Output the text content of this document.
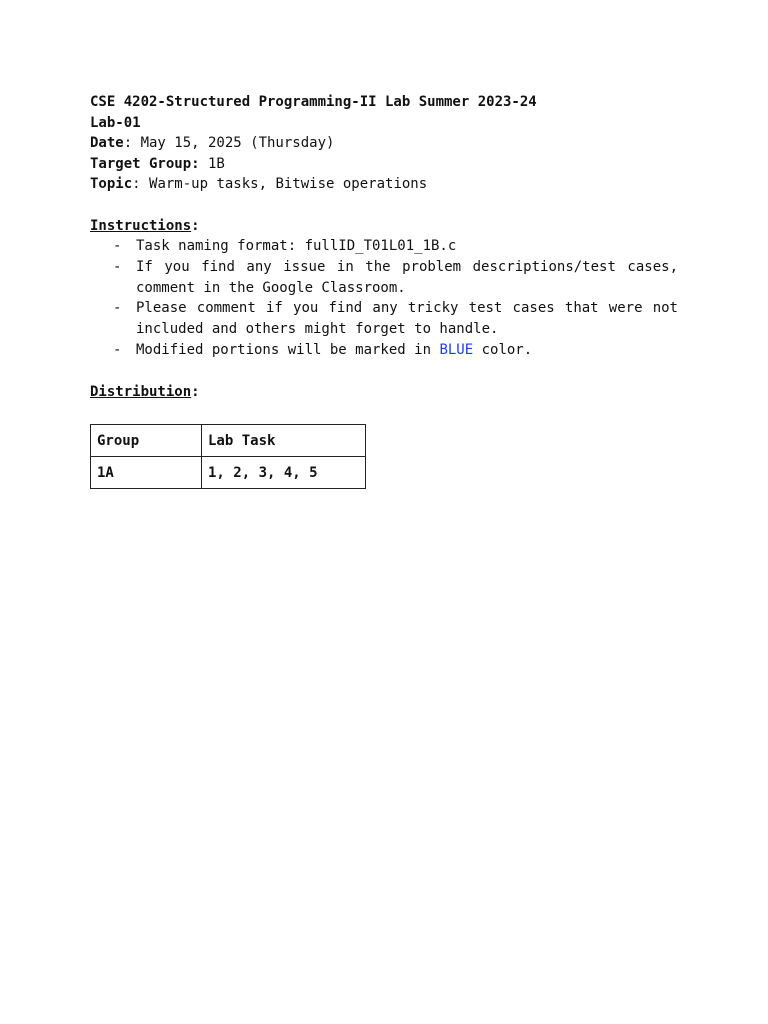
CSE 4202-Structured Programming-II Lab Summer 2023-24
Lab-01
Date: May 15, 2025 (Thursday)
Target Group: 1B
Topic: Warm-up tasks, Bitwise operations
Instructions:
- Task naming format: fullID_T01L01_1B.c
- If you find any issue in the problem descriptions/test cases, comment in the Google Classroom.
- Please comment if you find any tricky test cases that were not included and others might forget to handle.
- Modified portions will be marked in BLUE color.
Distribution:
Group	Lab Task
1A	1, 2, 3, 4, 5
